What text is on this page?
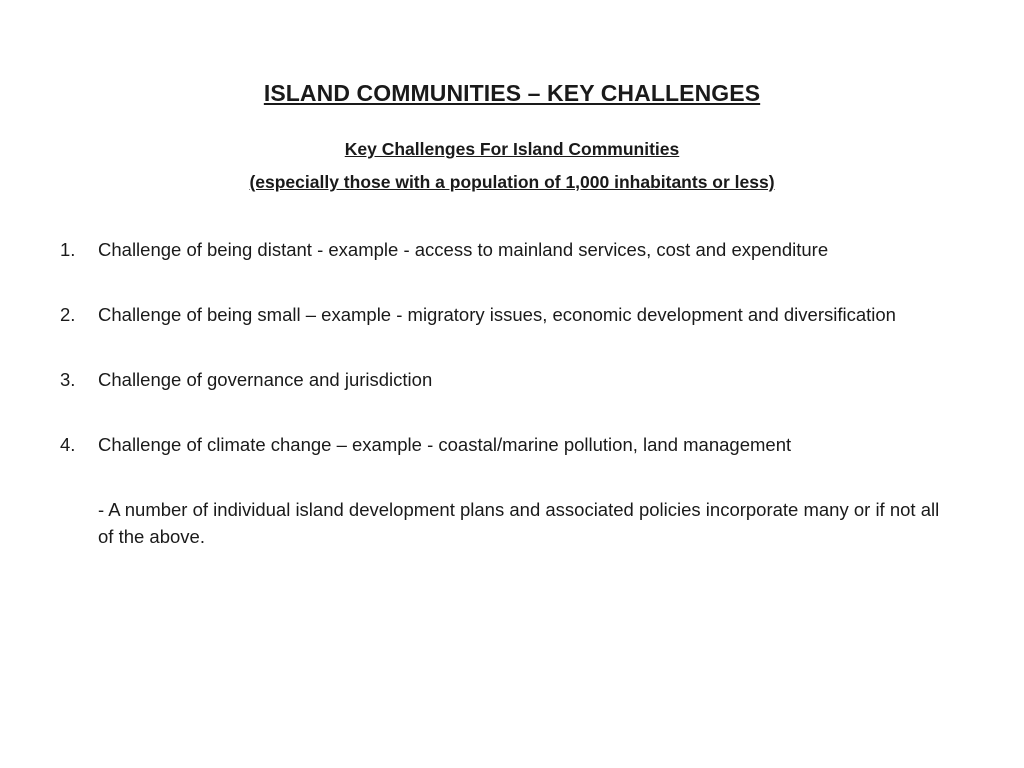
ISLAND COMMUNITIES – KEY CHALLENGES

Key Challenges For Island Communities

(especially those with a population of 1,000 inhabitants or less)

1.	Challenge of being distant - example - access to mainland services, cost and expenditure
2.	Challenge of being small – example - migratory issues, economic development and diversification
3.	Challenge of governance and jurisdiction
4.	Challenge of climate change – example - coastal/marine pollution, land management
- A number of individual island development plans and associated policies incorporate many or if not all of the above.
